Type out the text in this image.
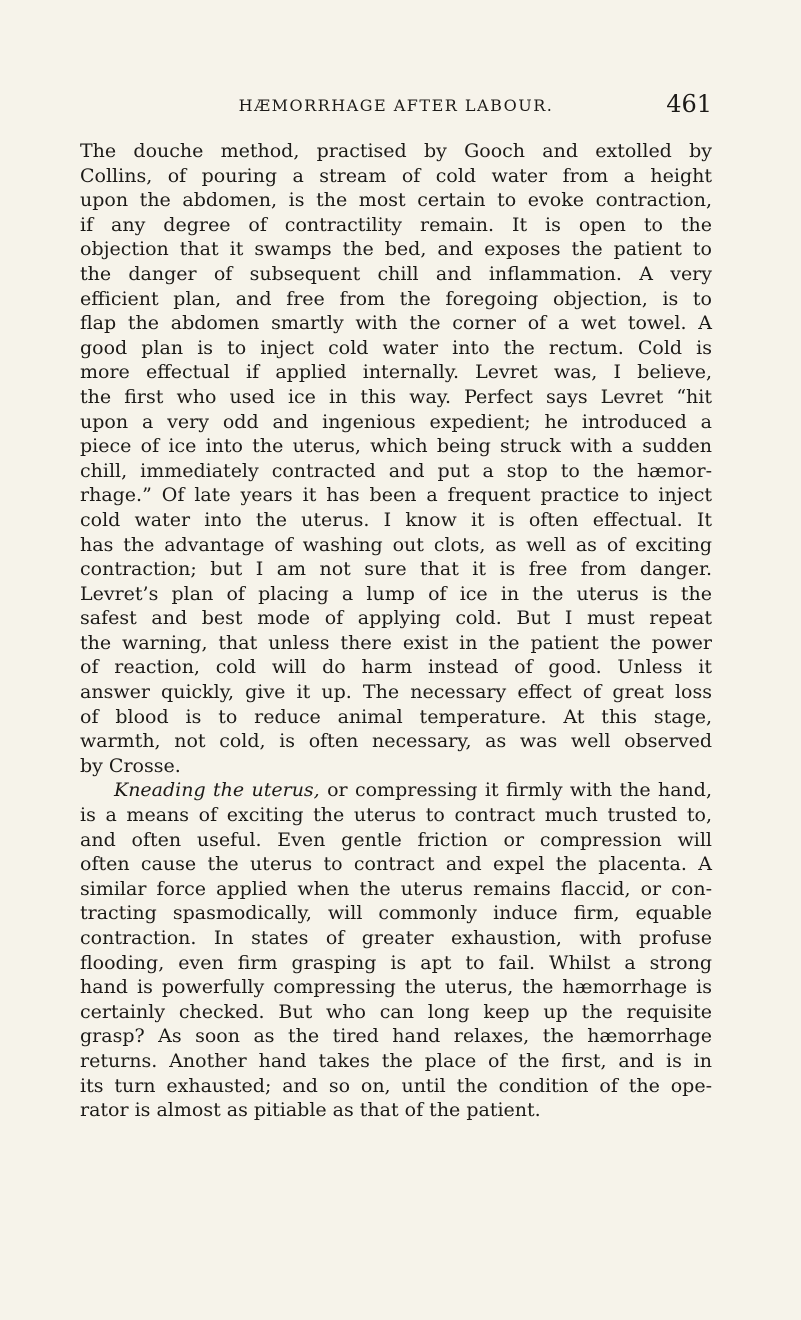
HÆMORRHAGE AFTER LABOUR.	461
The douche method, practised by Gooch and extolled by
Collins, of pouring a stream of cold water from a height
upon the abdomen, is the most certain to evoke contraction,
if any degree of contractility remain. It is open to the
objection that it swamps the bed, and exposes the patient to
the danger of subsequent chill and inflammation. A very
efficient plan, and free from the foregoing objection, is to
flap the abdomen smartly with the corner of a wet towel. A
good plan is to inject cold water into the rectum. Cold is
more effectual if applied internally. Levret was, I believe,
the first who used ice in this way. Perfect says Levret “hit
upon a very odd and ingenious expedient; he introduced a
piece of ice into the uterus, which being struck with a sudden
chill, immediately contracted and put a stop to the hæmor-
rhage.” Of late years it has been a frequent practice to inject
cold water into the uterus. I know it is often effectual. It
has the advantage of washing out clots, as well as of exciting
contraction; but I am not sure that it is free from danger.
Levret’s plan of placing a lump of ice in the uterus is the
safest and best mode of applying cold. But I must repeat
the warning, that unless there exist in the patient the power
of reaction, cold will do harm instead of good. Unless it
answer quickly, give it up. The necessary effect of great loss
of blood is to reduce animal temperature. At this stage,
warmth, not cold, is often necessary, as was well observed
by Crosse.
Kneading the uterus, or compressing it firmly with the hand,
is a means of exciting the uterus to contract much trusted to,
and often useful. Even gentle friction or compression will
often cause the uterus to contract and expel the placenta. A
similar force applied when the uterus remains flaccid, or con-
tracting spasmodically, will commonly induce firm, equable
contraction. In states of greater exhaustion, with profuse
flooding, even firm grasping is apt to fail. Whilst a strong
hand is powerfully compressing the uterus, the hæmorrhage is
certainly checked. But who can long keep up the requisite
grasp? As soon as the tired hand relaxes, the hæmorrhage
returns. Another hand takes the place of the first, and is in
its turn exhausted; and so on, until the condition of the ope-
rator is almost as pitiable as that of the patient.
